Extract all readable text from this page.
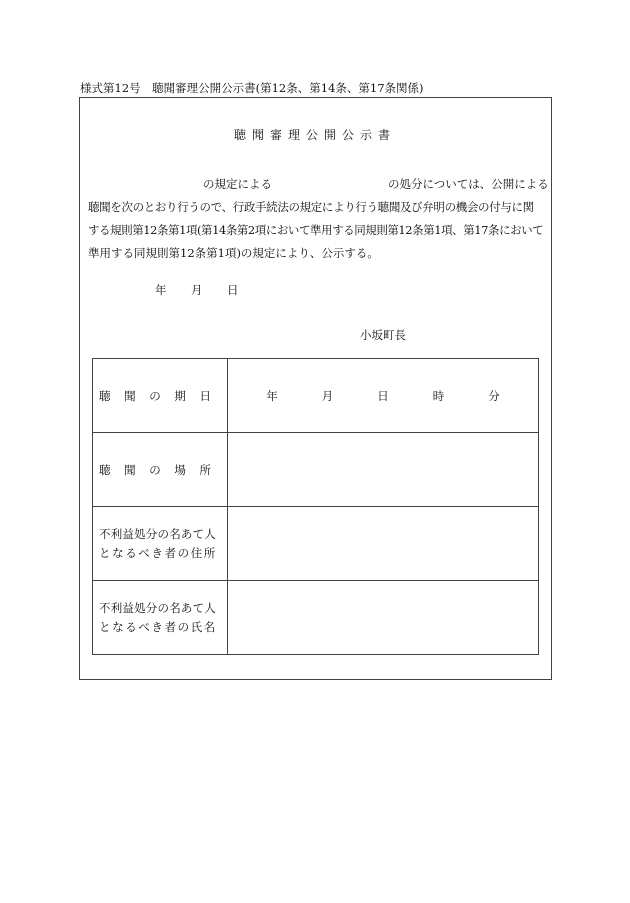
様式第12号　聴聞審理公開公示書(第12条、第14条、第17条関係)
聴聞審理公開公示書
の規定による	の処分については、公開による
聴聞を次のとおり行うので、行政手続法の規定により行う聴聞及び弁明の機会の付与に関
する規則第12条第1項(第14条第2項において準用する同規則第12条第1項、第17条において
準用する同規則第12条第1項)の規定により、公示する。
年 月 日
小坂町長
聴 聞 の 期 日	年 月 日 時 分

聴 聞 の 場 所	

不利益処分の名あて人
となるべき者の住所	

不利益処分の名あて人
となるべき者の氏名	
